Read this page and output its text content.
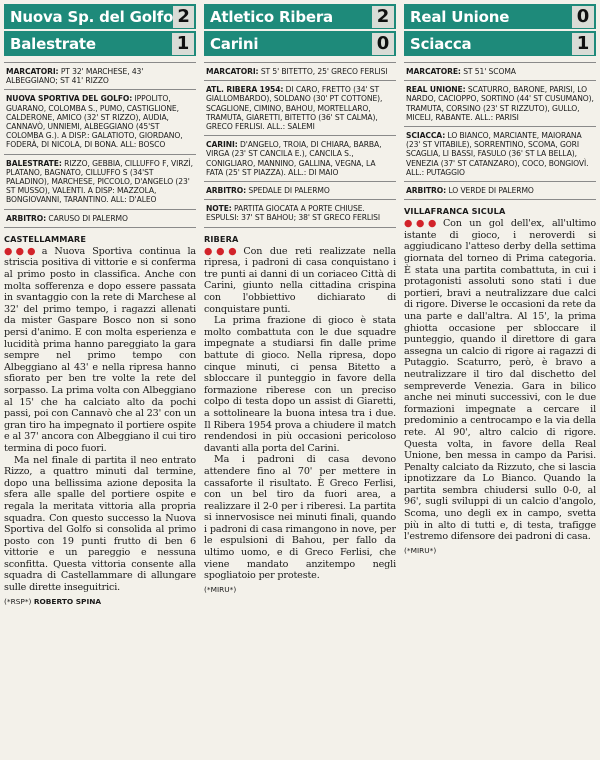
Nuova Sp. del Golfo 2
Balestrate	1
MARCATORI: PT 32' MARCHESE, 43' ALBEGGIANO; ST 41' RIZZO
NUOVA SPORTIVA DEL GOLFO: IPPOLITO, GUARANO, COLOMBA S., PUMO, CASTIGLIONE, CALDERONE, AMICO (32' ST RIZZO), AUDIA, CANNAVÒ, UNNIEMI, ALBEGGIANO (45'ST COLOMBA G.). A DISP.: GALATIOTO, GIORDANO, FODERÀ, DI NICOLA, DI BONA. ALL: BOSCO
BALESTRATE: RIZZO, GEBBIA, CILLUFFO F, VIRZÌ, PLATANO, BAGNATO, CILLUFFO S (34'ST PALADINO), MARCHESE, PICCOLO, D'ANGELO (23' ST MUSSO), VALENTI. A DISP: MAZZOLA, BONGIOVANNI, TARANTINO. ALL: D'ALEO
ARBITRO: CARUSO DI PALERMO
CASTELLAMMARE

●●● a Nuova Sportiva continua la striscia positiva di vittorie e si conferma al primo posto in classifica. Anche con molta sofferenza e dopo essere passata in svantaggio con la rete di Marchese al 32' del primo tempo, i ragazzi allenati da mister Gaspare Bosco non si sono persi d'animo. E con molta esperienza e lucidità prima hanno pareggiato la gara sempre nel primo tempo con Albeggiano al 43' e nella ripresa hanno sfiorato per ben tre volte la rete del sorpasso. La prima volta con Albeggiano al 15' che ha calciato alto da pochi passi, poi con Cannavò che al 23' con un gran tiro ha impegnato il portiere ospite e al 37' ancora con Albeggiano il cui tiro termina di poco fuori.

Ma nel finale di partita il neo entrato Rizzo, a quattro minuti dal termine, dopo una bellissima azione deposita la sfera alle spalle del portiere ospite e regala la meritata vittoria alla propria squadra. Con questo successo la Nuova Sportiva del Golfo si consolida al primo posto con 19 punti frutto di ben 6 vittorie e un pareggio e nessuna sconfitta. Questa vittoria consente alla squadra di Castellammare di allungare sulle dirette inseguitrici.

(*RSP*) ROBERTO SPINA
Atletico Ribera 2
Carini	0
MARCATORI: ST 5' BITETTO, 25' GRECO FERLISI
ATL. RIBERA 1954: DI CARO, FRETTO (34' ST GIALLOMBARDO), SOLDANO (30' PT COTTONE), SCAGLIONE, CIMINO, BAHOU, MORTELLARO, TRAMUTA, GIARETTI, BITETTO (36' ST CALMA), GRECO FERLISI. ALL.: SALEMI
CARINI: D'ANGELO, TROIA, DI CHIARA, BARBA, VIRGA (23' ST CANCILA E.), CANCILA S., CONIGLIARO, MANNINO, GALLINA, VEGNA, LA FATA (25' ST PIAZZA). ALL.: DI MAIO
ARBITRO: SPEDALE DI PALERMO
NOTE: PARTITA GIOCATA A PORTE CHIUSE. ESPULSI: 37' ST BAHOU; 38' ST GRECO FERLISI
RIBERA

●●● Con due reti realizzate nella ripresa, i padroni di casa conquistano i tre punti ai danni di un coriaceo Città di Carini, giunto nella cittadina crispina con l'obbiettivo dichiarato di conquistare punti.

La prima frazione di gioco è stata molto combattuta con le due squadre impegnate a studiarsi fin dalle prime battute di gioco. Nella ripresa, dopo cinque minuti, ci pensa Bitetto a sbloccare il punteggio in favore della formazione riberese con un preciso colpo di testa dopo un assist di Giaretti, a sottolineare la buona intesa tra i due. Il Ribera 1954 prova a chiudere il match rendendosi in più occasioni pericoloso davanti alla porta del Carini.

Ma i padroni di casa devono attendere fino al 70' per mettere in cassaforte il risultato. È Greco Ferlisi, con un bel tiro da fuori area, a realizzare il 2-0 per i riberesi. La partita si innervosisce nei minuti finali, quando i padroni di casa rimangono in nove, per le espulsioni di Bahou, per fallo da ultimo uomo, e di Greco Ferlisi, che viene mandato anzitempo negli spogliatoio per proteste.

(*MIRU*)
Real Unione	0
Sciacca	1
MARCATORE: ST 51' SCOMA
REAL UNIONE: SCATURRO, BARONE, PARISI, LO NARDO, CACIOPPO, SORTINO (44' ST CUSUMANO), TRAMUTA, CORSINO (23' ST RIZZUTO), GULLO, MICELI, RABANTE. ALL.: PARISI
SCIACCA: LO BIANCO, MARCIANTE, MAIORANA (23' ST VITABILE), SORRENTINO, SCOMA, GORI SCAGLIA, LI BASSI, FASULO (36' ST LA BELLA), VENEZIA (37' ST CATANZARO), COCO, BONGIOVÌ. ALL.: PUTAGGIO
ARBITRO: LO VERDE DI PALERMO
VILLAFRANCA SICULA

●●● Con un gol dell'ex, all'ultimo istante di gioco, i neroverdi si aggiudicano l'atteso derby della settima giornata del torneo di Prima categoria. È stata una partita combattuta, in cui i protagonisti assoluti sono stati i due portieri, bravi a neutralizzare due calci di rigore. Diverse le occasioni da rete da una parte e dall'altra. Al 15', la prima ghiotta occasione per sbloccare il punteggio, quando il direttore di gara assegna un calcio di rigore ai ragazzi di Putaggio. Scaturro, però, è bravo a neutralizzare il tiro dal dischetto del sempreverde Venezia. Gara in bilico anche nei minuti successivi, con le due formazioni impegnate a cercare il predominio a centrocampo e la via della rete. Al 90', altro calcio di rigore. Questa volta, in favore della Real Unione, ben messa in campo da Parisi. Penalty calciato da Rizzuto, che si lascia ipnotizzare da Lo Bianco. Quando la partita sembra chiudersi sullo 0-0, al 96', sugli sviluppi di un calcio d'angolo, Scoma, uno degli ex in campo, svetta più in alto di tutti e, di testa, trafigge l'estremo difensore dei padroni di casa.

(*MIRU*)
